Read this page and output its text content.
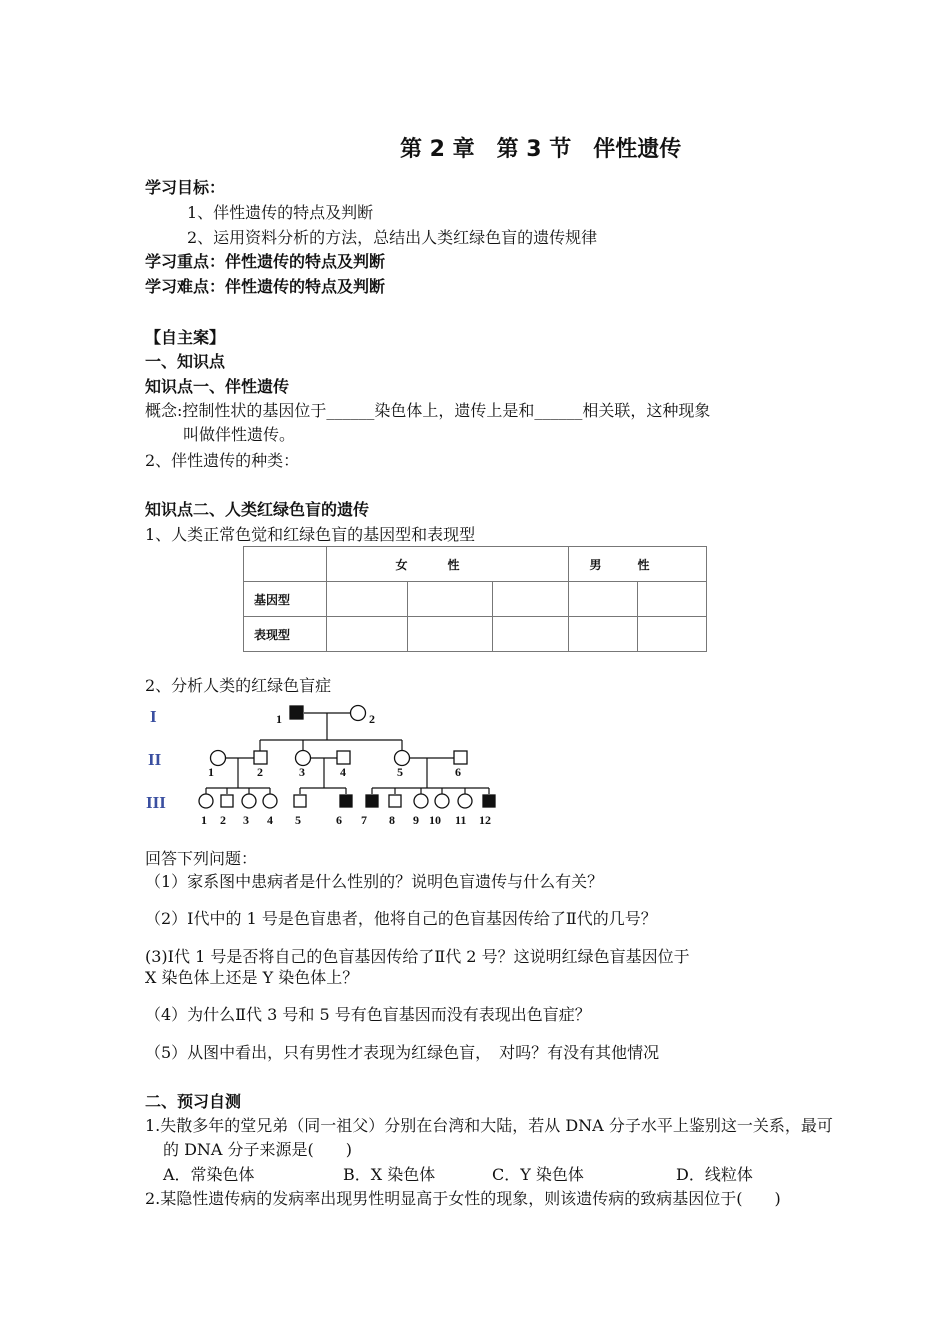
第 2 章　第 3 节　伴性遗传
学习目标：
1、伴性遗传的特点及判断
2、运用资料分析的方法，总结出人类红绿色盲的遗传规律
学习重点：伴性遗传的特点及判断
学习难点：伴性遗传的特点及判断
【自主案】
一、知识点
知识点一、伴性遗传
概念:控制性状的基因位于______染色体上，遗传上是和______相关联，这种现象
叫做伴性遗传。
2、伴性遗传的种类：
知识点二、人类红绿色盲的遗传
1、人类正常色觉和红绿色盲的基因型和表现型
	女性			男性	
基因型					
表现型					
2、分析人类的红绿色盲症
I
II
III
1	2
1	2	3	4	5	6
1 2 3 4 5	6 7 8 9 10 11 12
回答下列问题：
（1）家系图中患病者是什么性别的？说明色盲遗传与什么有关？
（2）Ⅰ代中的 1 号是色盲患者，他将自己的色盲基因传给了Ⅱ代的几号？
(3)Ⅰ代 1 号是否将自己的色盲基因传给了Ⅱ代 2 号？这说明红绿色盲基因位于
X 染色体上还是 Y 染色体上？
（4）为什么Ⅱ代 3 号和 5 号有色盲基因而没有表现出色盲症？
（5）从图中看出，只有男性才表现为红绿色盲，　对吗？有没有其他情况
二、预习自测
1.失散多年的堂兄弟（同一祖父）分别在台湾和大陆，若从 DNA 分子水平上鉴别这一关系，最可
的 DNA 分子来源是(　　)
A．常染色体	B．X 染色体	C．Y 染色体	D．线粒体
2.某隐性遗传病的发病率出现男性明显高于女性的现象，则该遗传病的致病基因位于(　　)
